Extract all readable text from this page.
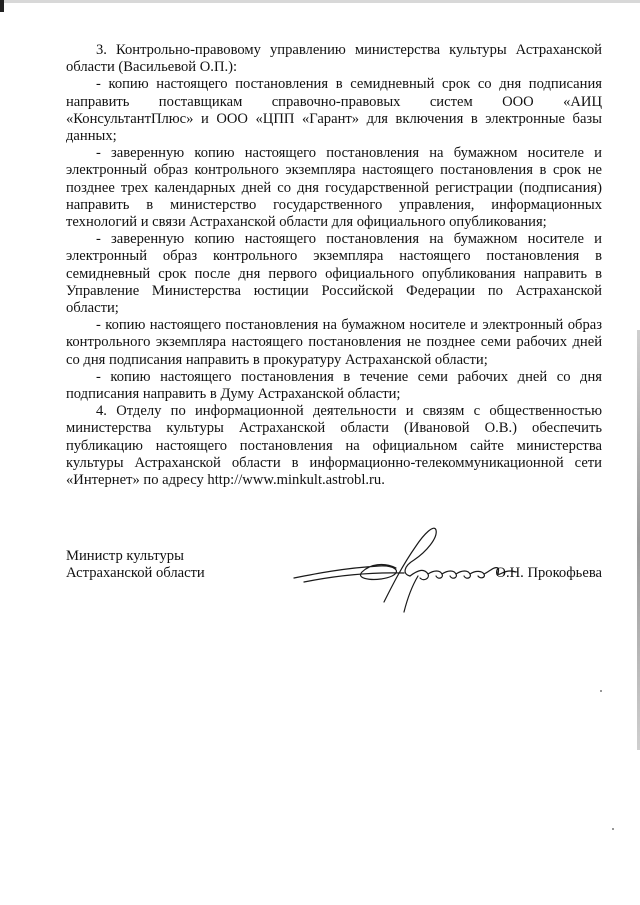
3. Контрольно-правовому управлению министерства культуры Астраханской области (Васильевой О.П.):

- копию настоящего постановления в семидневный срок со дня подписания направить поставщикам справочно-правовых систем ООО «АИЦ «КонсультантПлюс» и ООО «ЦПП «Гарант» для включения в электронные базы данных;

- заверенную копию настоящего постановления на бумажном носителе и электронный образ контрольного экземпляра настоящего постановления в срок не позднее трех календарных дней со дня государственной регистрации (подписания) направить в министерство государственного управления, информационных технологий и связи Астраханской области для официального опубликования;

- заверенную копию настоящего постановления на бумажном носителе и электронный образ контрольного экземпляра настоящего постановления в семидневный срок после дня первого официального опубликования направить в Управление Министерства юстиции Российской Федерации по Астраханской области;

- копию настоящего постановления на бумажном носителе и электронный образ контрольного экземпляра настоящего постановления не позднее семи рабочих дней со дня подписания направить в прокуратуру Астраханской области;

- копию настоящего постановления в течение семи рабочих дней со дня подписания направить в Думу Астраханской области;

4. Отделу по информационной деятельности и связям с общественностью министерства культуры Астраханской области (Ивановой О.В.) обеспечить публикацию настоящего постановления на официальном сайте министерства культуры Астраханской области в информационно-телекоммуникационной сети «Интернет» по адресу http://www.minkult.astrobl.ru.

Министр культуры
Астраханской области	О.Н. Прокофьева
